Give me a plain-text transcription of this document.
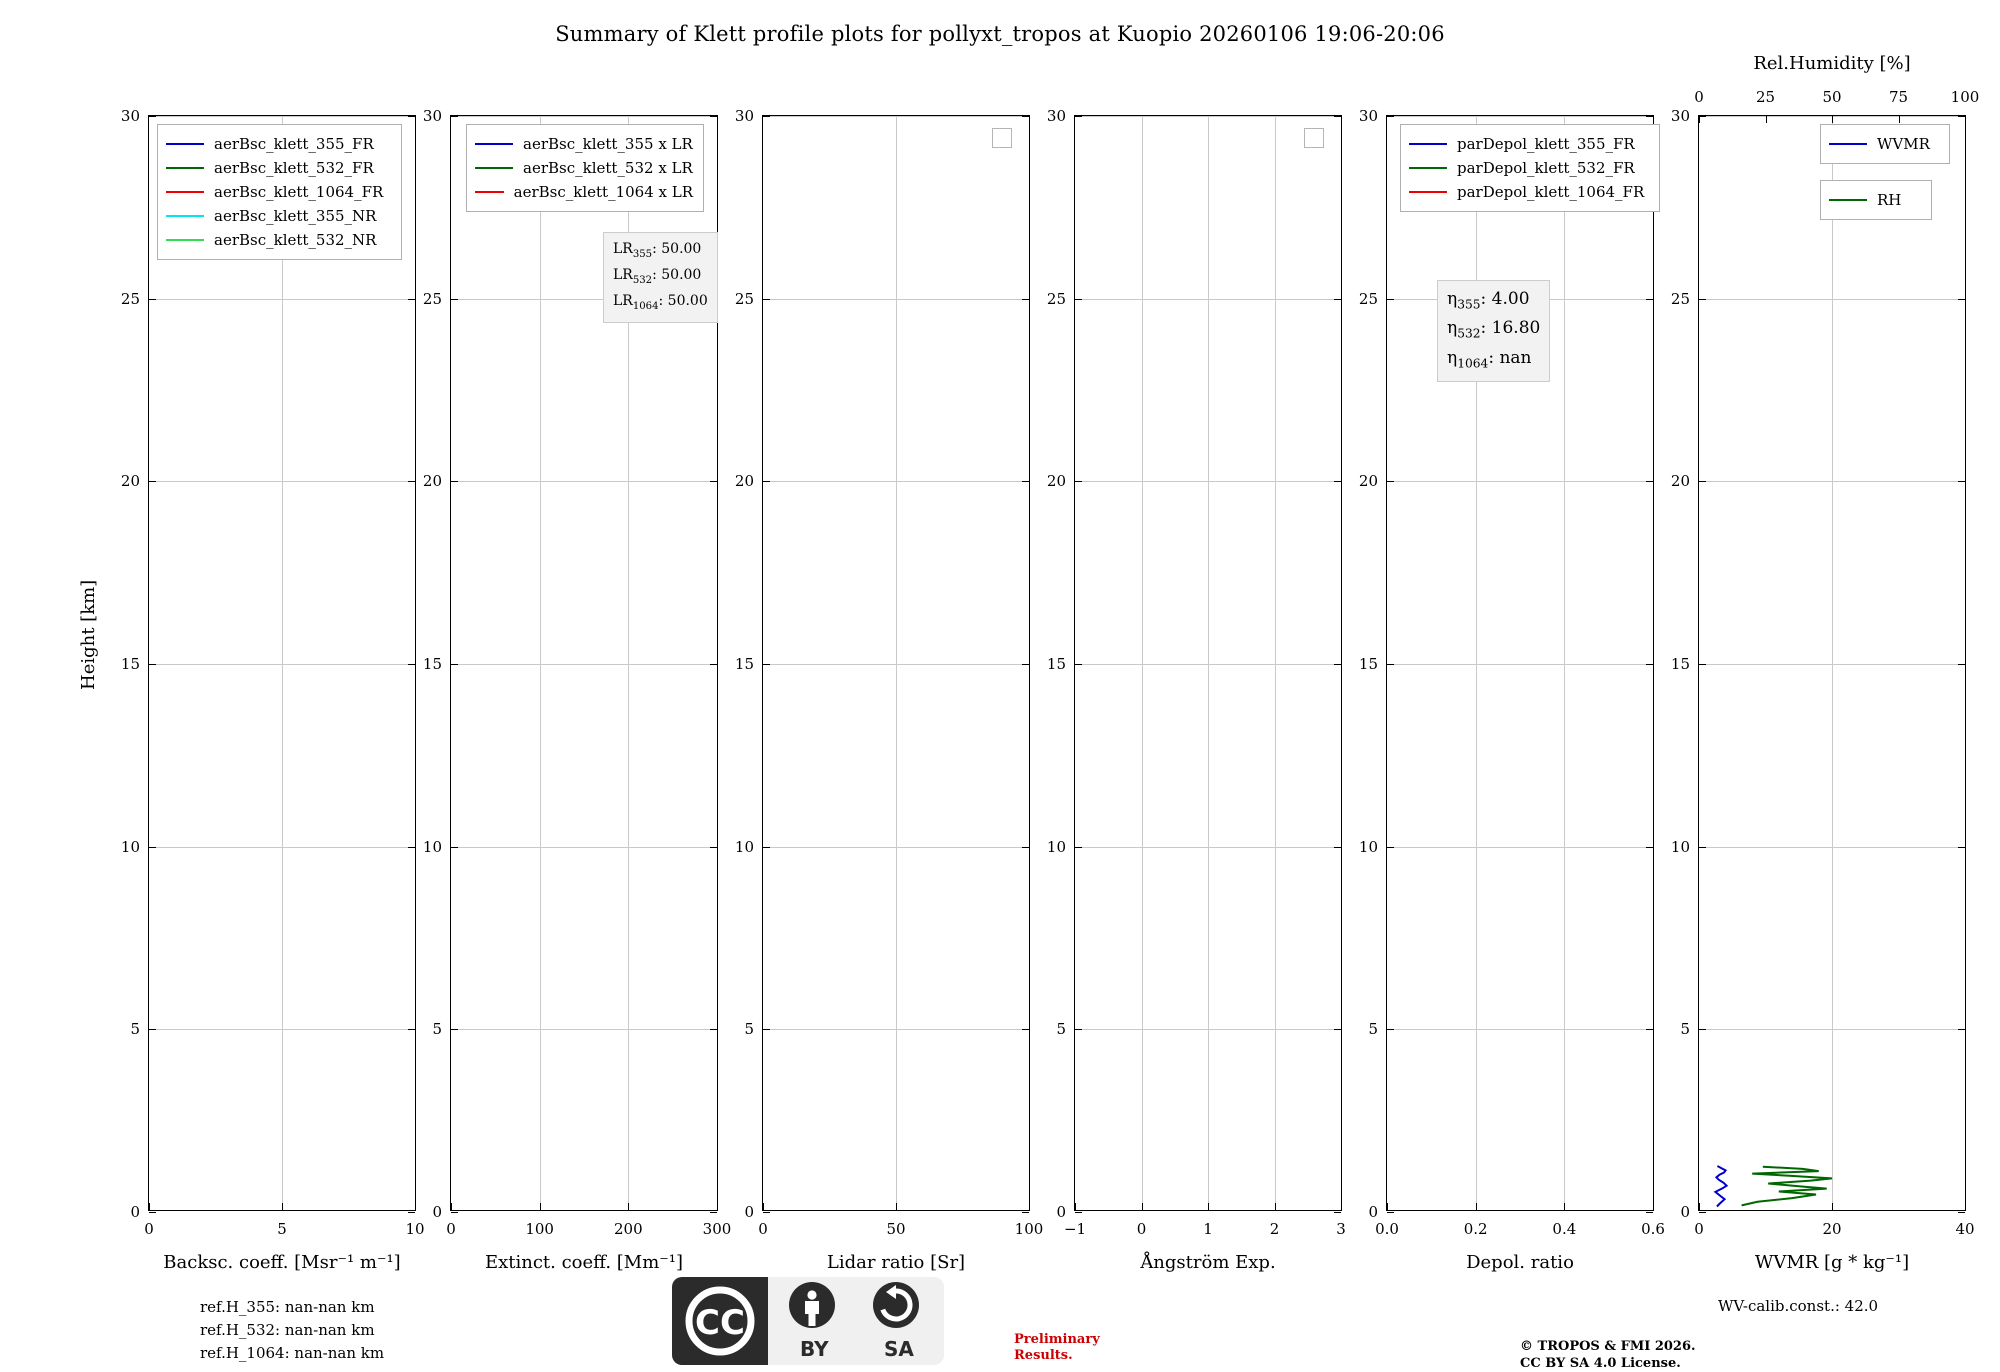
Summary of Klett profile plots for pollyxt_tropos at Kuopio 20260106 19:06-20:06
Height [km]
Backsc. coeff. [Msr⁻¹ m⁻¹]
0
5
10
15
20
25
30
0	5	10
Extinct. coeff. [Mm⁻¹]
0
5
10
15
20
25
30
0	100	200	300
Lidar ratio [Sr]
0
5
10
15
20
25
30
0	50	100
Ångström Exp.
0
5
10
15
20
25
30
−1	0	1	2	3
Depol. ratio
0
5
10
15
20
25
30
0.0	0.2	0.4	0.6
WVMR [g * kg⁻¹]
Rel.Humidity [%]
0
5
10
15
20
25
30
0	20	40
0	25	50	75	100
aerBsc_klett_355_FR
aerBsc_klett_532_FR
aerBsc_klett_1064_FR
aerBsc_klett_355_NR
aerBsc_klett_532_NR
aerBsc_klett_355 x LR
aerBsc_klett_532 x LR
aerBsc_klett_1064 x LR
parDepol_klett_355_FR
parDepol_klett_532_FR
parDepol_klett_1064_FR
WVMR
RH
$LR_{355}$: 50.00
$LR_{532}$: 50.00
$LR_{1064}$: 50.00	$\eta_{355}$: 4.00
$\eta_{532}$: 16.80
$\eta_{1064}$: nan
ref.H_355: nan-nan km
ref.H_532: nan-nan km
ref.H_1064: nan-nan km
WV-calib.const.: 42.0
Preliminary
Results.
© TROPOS & FMI 2026.
CC BY SA 4.0 License.
CC
BY	SA
